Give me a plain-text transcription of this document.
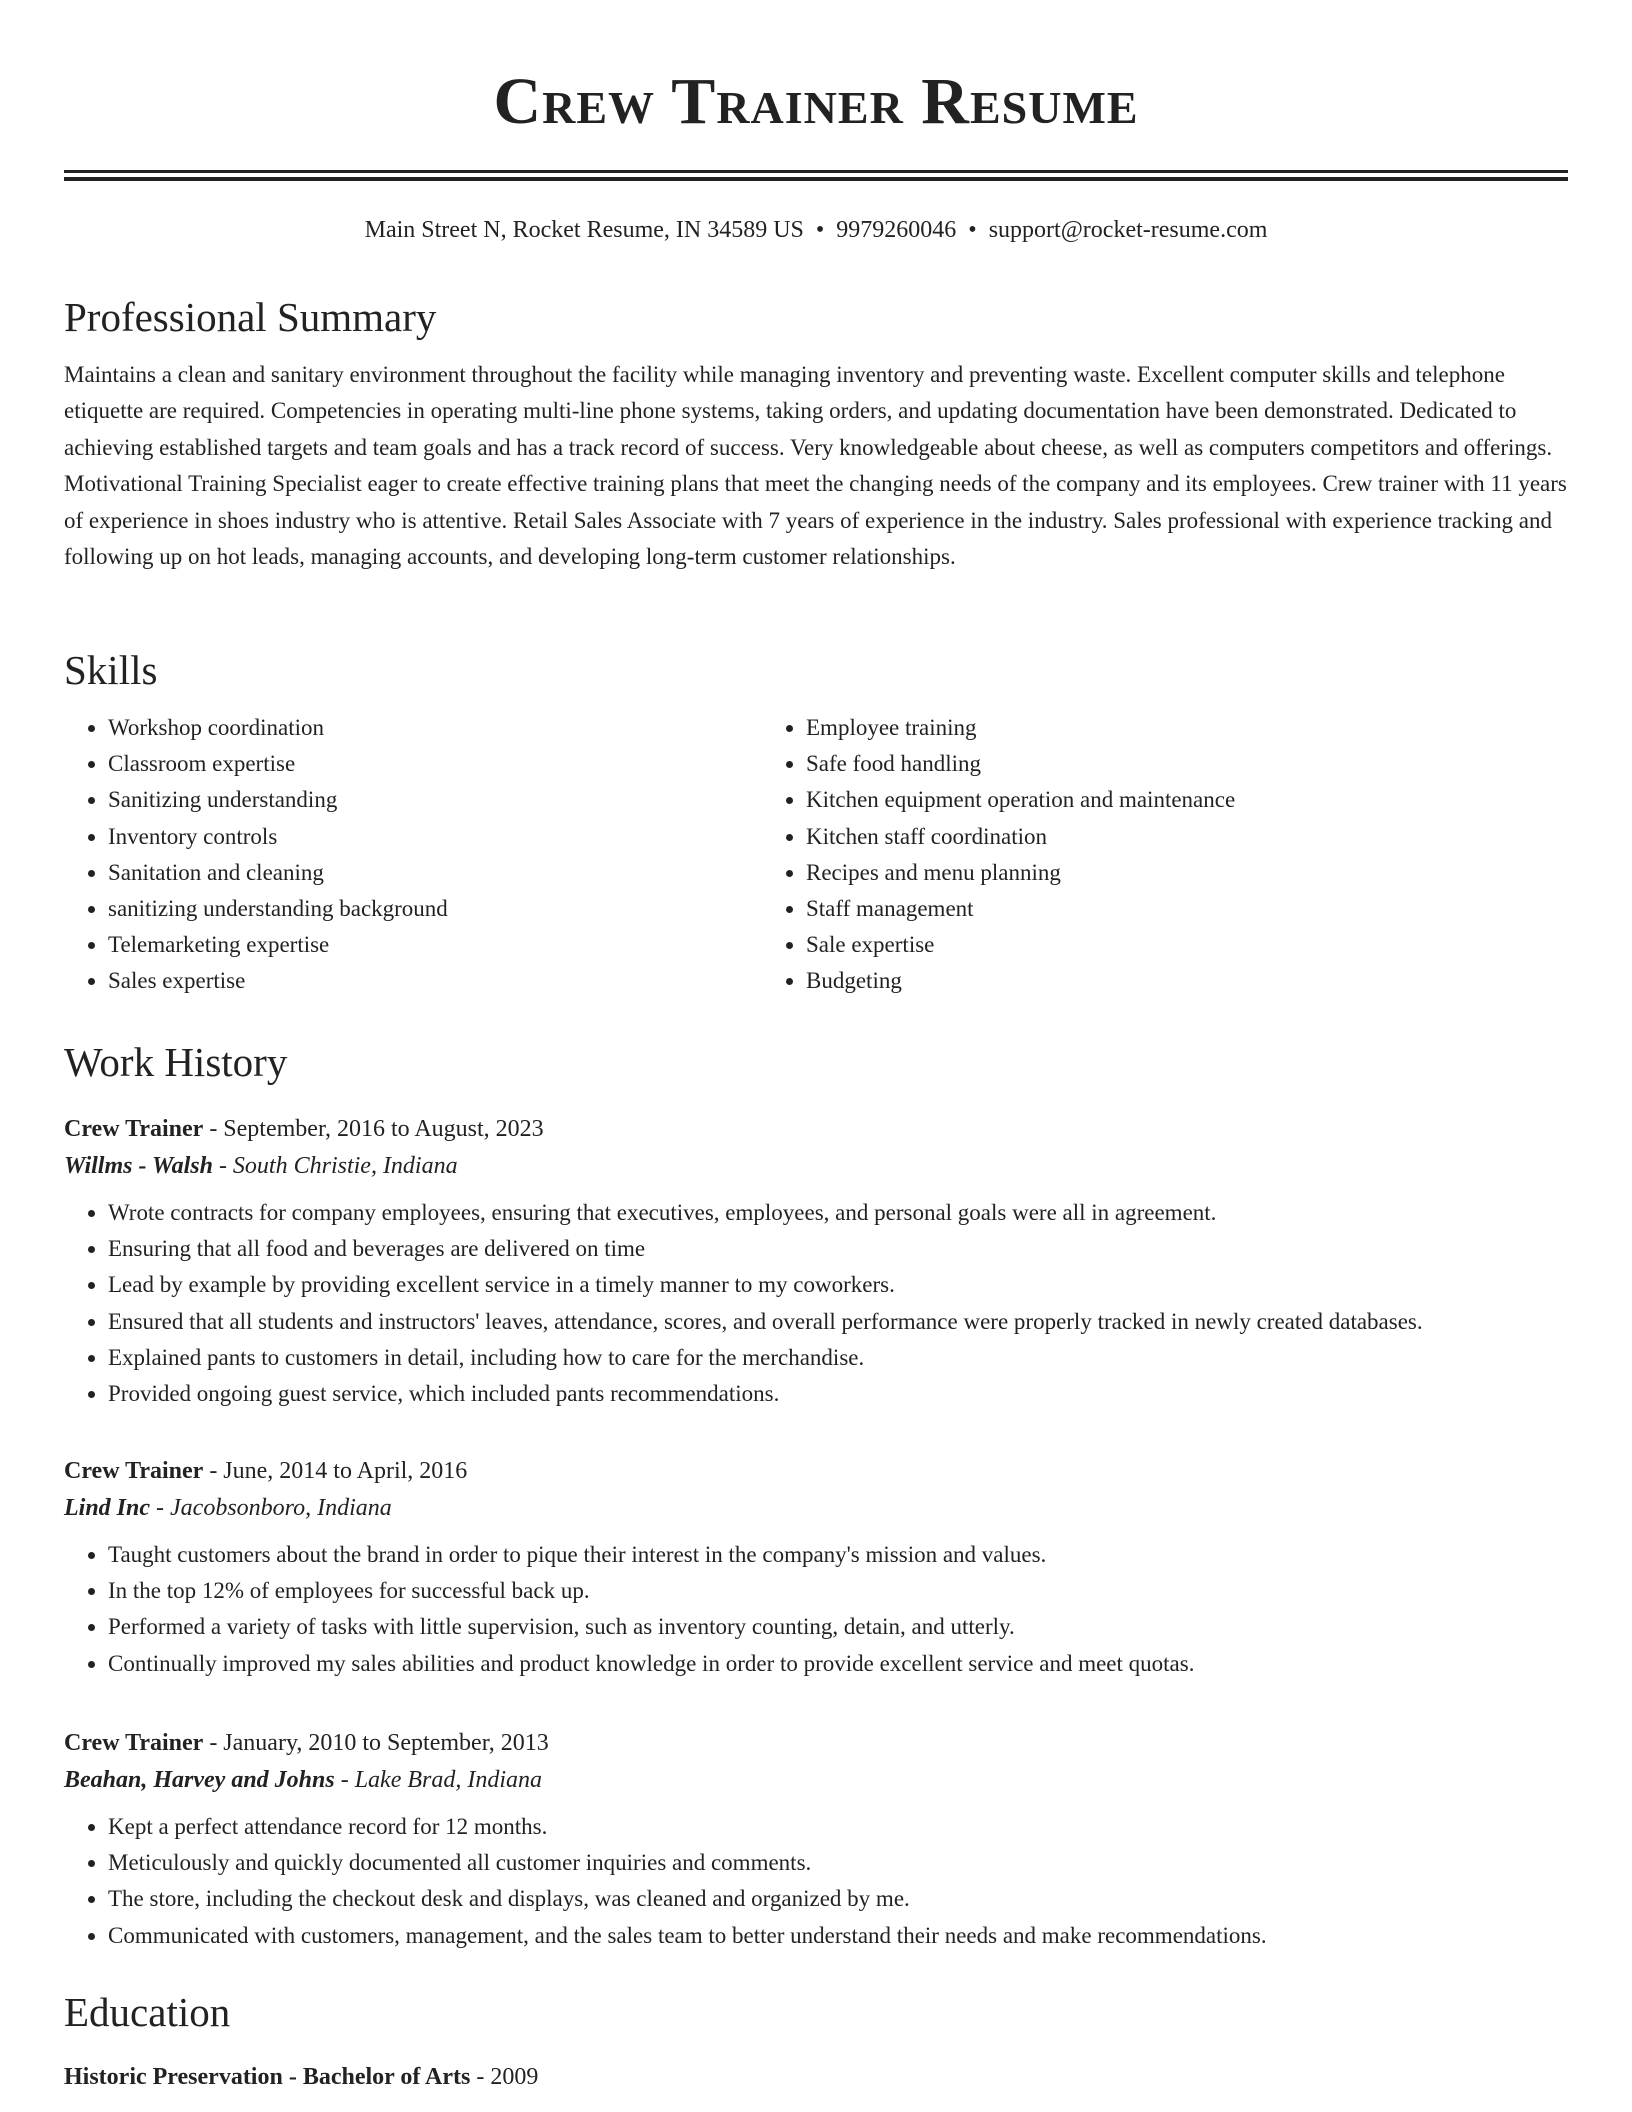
Crew Trainer Resume
Main Street N, Rocket Resume, IN 34589 US • 9979260046 • support@rocket-resume.com
Professional Summary

Maintains a clean and sanitary environment throughout the facility while managing inventory and preventing waste. Excellent computer skills and telephone etiquette are required. Competencies in operating multi-line phone systems, taking orders, and updating documentation have been demonstrated. Dedicated to achieving established targets and team goals and has a track record of success. Very knowledgeable about cheese, as well as computers competitors and offerings. Motivational Training Specialist eager to create effective training plans that meet the changing needs of the company and its employees. Crew trainer with 11 years of experience in shoes industry who is attentive. Retail Sales Associate with 7 years of experience in the industry. Sales professional with experience tracking and following up on hot leads, managing accounts, and developing long-term customer relationships.

Skills
• Workshop coordination
• Classroom expertise
• Sanitizing understanding
• Inventory controls
• Sanitation and cleaning
• sanitizing understanding background
• Telemarketing expertise
• Sales expertise
• Employee training
• Safe food handling
• Kitchen equipment operation and maintenance
• Kitchen staff coordination
• Recipes and menu planning
• Staff management
• Sale expertise
• Budgeting
Work History
Crew Trainer - September, 2016 to August, 2023
Willms - Walsh - South Christie, Indiana
• Wrote contracts for company employees, ensuring that executives, employees, and personal goals were all in agreement.
• Ensuring that all food and beverages are delivered on time
• Lead by example by providing excellent service in a timely manner to my coworkers.
• Ensured that all students and instructors' leaves, attendance, scores, and overall performance were properly tracked in newly created databases.
• Explained pants to customers in detail, including how to care for the merchandise.
• Provided ongoing guest service, which included pants recommendations.
Crew Trainer - June, 2014 to April, 2016
Lind Inc - Jacobsonboro, Indiana
• Taught customers about the brand in order to pique their interest in the company's mission and values.
• In the top 12% of employees for successful back up.
• Performed a variety of tasks with little supervision, such as inventory counting, detain, and utterly.
• Continually improved my sales abilities and product knowledge in order to provide excellent service and meet quotas.
Crew Trainer - January, 2010 to September, 2013
Beahan, Harvey and Johns - Lake Brad, Indiana
• Kept a perfect attendance record for 12 months.
• Meticulously and quickly documented all customer inquiries and comments.
• The store, including the checkout desk and displays, was cleaned and organized by me.
• Communicated with customers, management, and the sales team to better understand their needs and make recommendations.
Education
Historic Preservation - Bachelor of Arts - 2009
